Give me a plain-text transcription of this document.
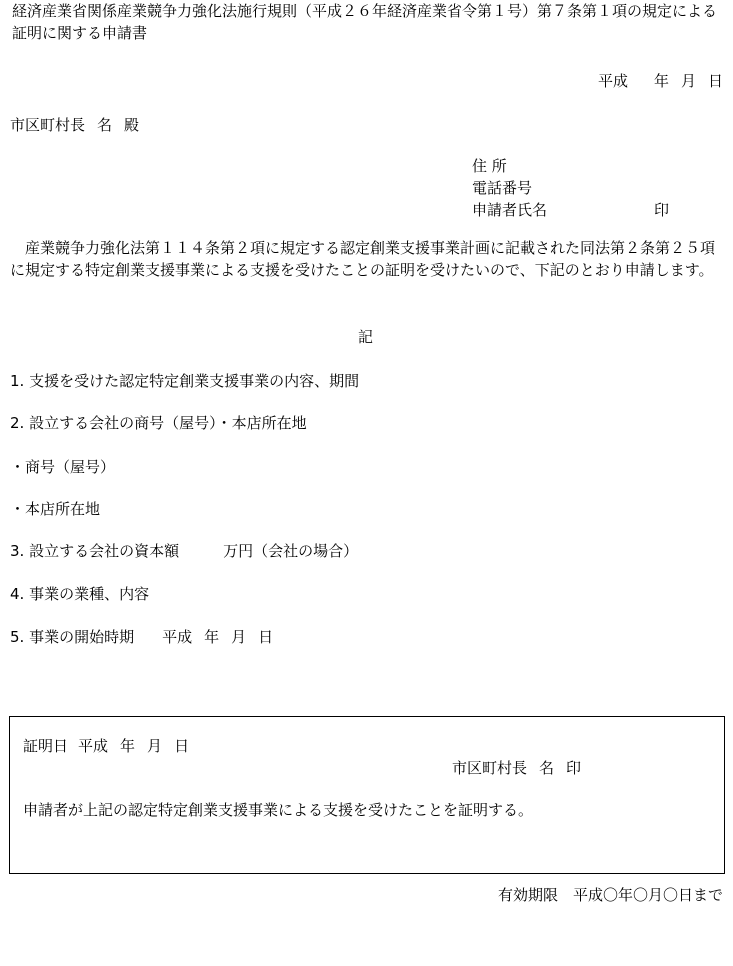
経済産業省関係産業競争力強化法施行規則（平成２６年経済産業省令第１号）第７条第１項の規定による証明に関する申請書
平成 年 月 日
市区町村長 名 殿
住 所
電話番号
申請者氏名	印
産業競争力強化法第１１４条第２項に規定する認定創業支援事業計画に記載された同法第２条第２５項に規定する特定創業支援事業による支援を受けたことの証明を受けたいので、下記のとおり申請します。
記
1. 支援を受けた認定特定創業支援事業の内容、期間
2. 設立する会社の商号（屋号）・本店所在地
・商号（屋号）
・本店所在地
3. 設立する会社の資本額	万円（会社の場合）
4. 事業の業種、内容
5. 事業の開始時期 平成 年 月 日
証明日 平成 年 月 日
市区町村長 名 印
申請者が上記の認定特定創業支援事業による支援を受けたことを証明する。
有効期限　平成〇年〇月〇日まで
